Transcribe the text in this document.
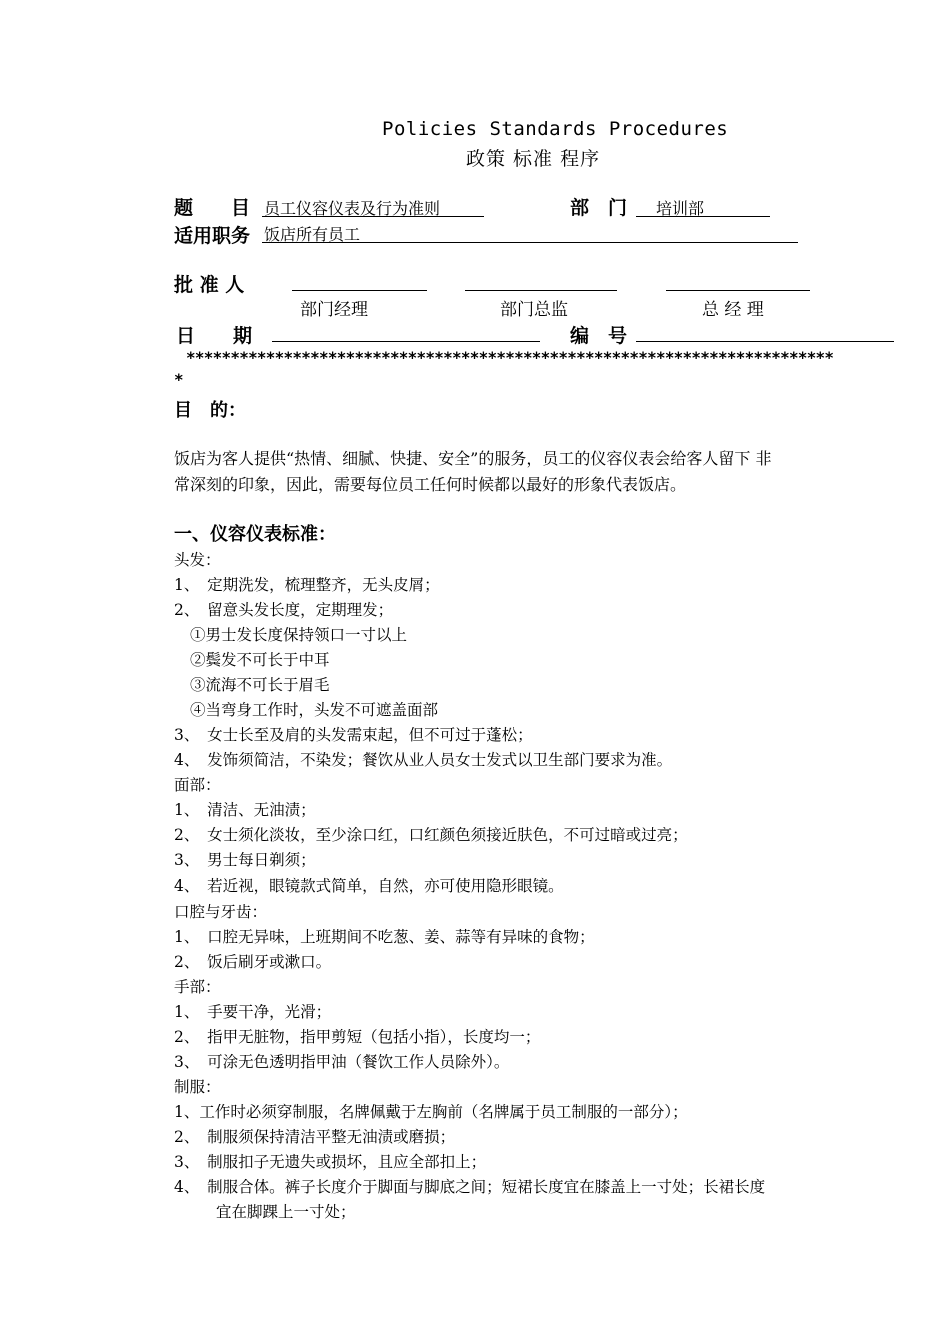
Policies Standards Procedures
政策 标准 程序
题　　目 员工仪容仪表及行为准则	部　门 培训部
适用职务 饭店所有员工
批 准 人
部门经理	部门总监	总 经 理
日　　期	编　号
*************************************************************************
*
目　的：
饭店为客人提供“热情、细腻、快捷、安全”的服务，员工的仪容仪表会给客人留下 非
常深刻的印象，因此，需要每位员工任何时候都以最好的形象代表饭店。
一、仪容仪表标准：
头发：
1、　定期洗发，梳理整齐，无头皮屑；
2、　留意头发长度，定期理发；
①男士发长度保持领口一寸以上
②鬓发不可长于中耳
③流海不可长于眉毛
④当弯身工作时，头发不可遮盖面部
3、　女士长至及肩的头发需束起，但不可过于蓬松；
4、　发饰须简洁，不染发；餐饮从业人员女士发式以卫生部门要求为准。
面部：
1、　清洁、无油渍；
2、　女士须化淡妆，至少涂口红，口红颜色须接近肤色，不可过暗或过亮；
3、　男士每日剃须；
4、　若近视，眼镜款式简单，自然，亦可使用隐形眼镜。
口腔与牙齿：
1、　口腔无异味，上班期间不吃葱、姜、蒜等有异味的食物；
2、　饭后刷牙或漱口。
手部：
1、　手要干净，光滑；
2、　指甲无脏物，指甲剪短（包括小指），长度均一；
3、　可涂无色透明指甲油（餐饮工作人员除外）。
制服：
1、工作时必须穿制服，名牌佩戴于左胸前（名牌属于员工制服的一部分）；
2、　制服须保持清洁平整无油渍或磨损；
3、　制服扣子无遗失或损坏，且应全部扣上；
4、　制服合体。裤子长度介于脚面与脚底之间；短裙长度宜在膝盖上一寸处；长裙长度
宜在脚踝上一寸处；
